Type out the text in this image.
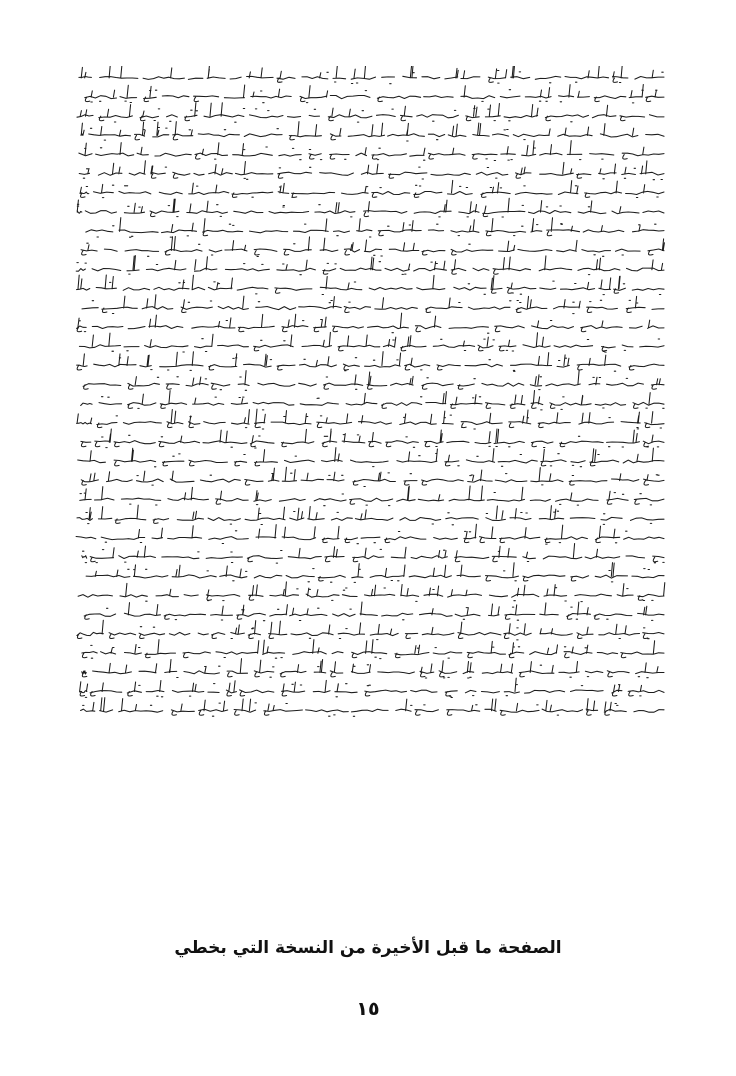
الصفحة ما قبل الأخيرة من النسخة التي بخطي
١٥
